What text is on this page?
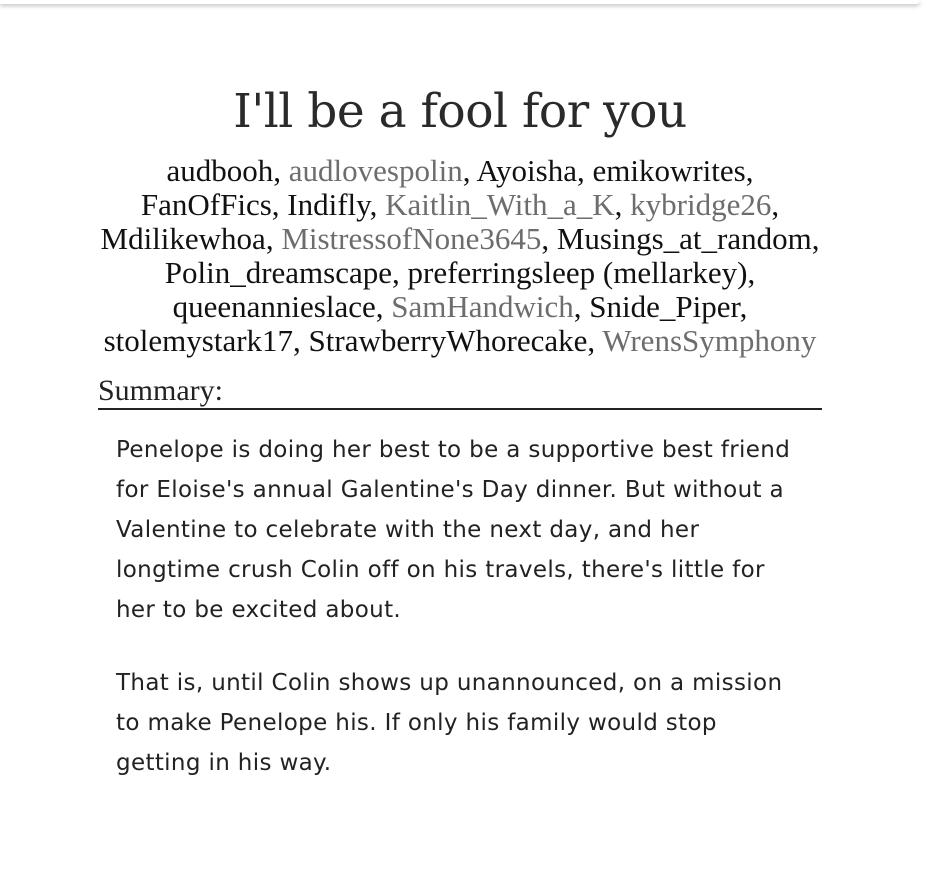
I'll be a fool for you
audbooh, audlovespolin, Ayoisha, emikowrites, FanOfFics, Indifly, Kaitlin_With_a_K, kybridge26, Mdilikewhoa, MistressofNone3645, Musings_at_random, Polin_dreamscape, preferringsleep (mellarkey), queenannieslace, SamHandwich, Snide_Piper, stolemystark17, StrawberryWhorecake, WrensSymphony
Summary:

Penelope is doing her best to be a supportive best friend for Eloise's annual Galentine's Day dinner. But without a Valentine to celebrate with the next day, and her longtime crush Colin off on his travels, there's little for her to be excited about.

That is, until Colin shows up unannounced, on a mission to make Penelope his. If only his family would stop getting in his way.
